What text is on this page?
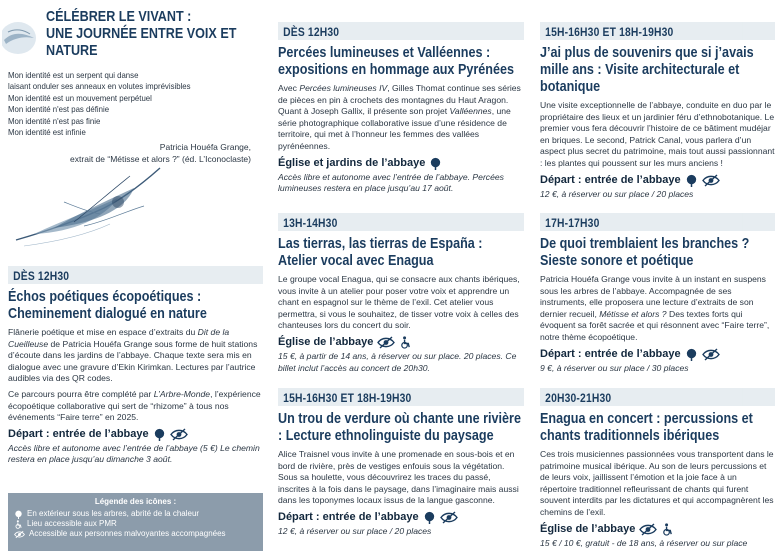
CÉLÉBRER LE VIVANT :
UNE JOURNÉE ENTRE VOIX ET NATURE
Mon identité est un serpent qui danse
laisant onduler ses anneaux en volutes imprévisibles
Mon identité est un mouvement perpétuel
Mon identité n'est pas définie
Mon identité n'est pas finie
Mon identité est infinie
Patricia Houéfa Grange,
extrait de “Métisse et alors ?” (éd. L’Iconoclaste)
DÈS 12H30
Échos poétiques écopoétiques : Cheminement dialogué en nature
Flânerie poétique et mise en espace d’extraits du Dit de la Cueilleuse de Patricia Houéfa Grange sous forme de huit stations d’écoute dans les jardins de l’abbaye. Chaque texte sera mis en dialogue avec une gravure d’Ekin Kirimkan. Lectures par l’autrice audibles via des QR codes.
Ce parcours pourra être complété par L’Arbre-Monde, l’expérience écopoétique collaborative qui sert de “rhizome” à tous nos événements “Faire terre” en 2025.
Départ : entrée de l’abbaye
Accès libre et autonome avec l’entrée de l’abbaye (5 €) Le chemin restera en place jusqu’au dimanche 3 août.
Légende des icônes :
En extérieur sous les arbres, abrité de la chaleur
Lieu accessible aux PMR
Accessible aux personnes malvoyantes accompagnées
DÈS 12H30
Percées lumineuses et Valléennes : expositions en hommage aux Pyrénées
Avec Percées lumineuses IV, Gilles Thomat continue ses séries de pièces en pin à crochets des montagnes du Haut Aragon. Quant à Joseph Gallix, il présente son projet Valléennes, une série photographique collaborative issue d’une résidence de territoire, qui met à l’honneur les femmes des vallées pyrénéennes.
Église et jardins de l’abbaye
Accès libre et autonome avec l’entrée de l’abbaye. Percées lumineuses restera en place jusqu’au 17 août.
13H-14H30
Las tierras, las tierras de España : Atelier vocal avec Enagua
Le groupe vocal Enagua, qui se consacre aux chants ibériques, vous invite à un atelier pour poser votre voix et apprendre un chant en espagnol sur le thème de l’exil. Cet atelier vous permettra, si vous le souhaitez, de tisser votre voix à celles des chanteuses lors du concert du soir.
Église de l’abbaye
15 €, à partir de 14 ans, à réserver ou sur place. 20 places. Ce billet inclut l’accès au concert de 20h30.
15H-16H30 ET 18H-19H30
Un trou de verdure où chante une rivière : Lecture ethnolinguiste du paysage
Alice Traisnel vous invite à une promenade en sous-bois et en bord de rivière, près de vestiges enfouis sous la végétation. Sous sa houlette, vous découvrirez les traces du passé, inscrites à la fois dans le paysage, dans l’imaginaire mais aussi dans les toponymes locaux issus de la langue gasconne.
Départ : entrée de l’abbaye
12 €, à réserver ou sur place / 20 places
15H-16H30 ET 18H-19H30
J’ai plus de souvenirs que si j’avais mille ans : Visite architecturale et botanique
Une visite exceptionnelle de l’abbaye, conduite en duo par le propriétaire des lieux et un jardinier féru d’ethnobotanique. Le premier vous fera découvrir l’histoire de ce bâtiment mudéjar en briques. Le second, Patrick Canal, vous parlera d’un aspect plus secret du patrimoine, mais tout aussi passionnant : les plantes qui poussent sur les murs anciens !
Départ : entrée de l’abbaye
12 €, à réserver ou sur place / 20 places
17H-17H30
De quoi tremblaient les branches ? Sieste sonore et poétique
Patricia Houéfa Grange vous invite à un instant en suspens sous les arbres de l’abbaye. Accompagnée de ses instruments, elle proposera une lecture d’extraits de son dernier recueil, Métisse et alors ? Des textes forts qui évoquent sa forêt sacrée et qui résonnent avec “Faire terre”, notre thème écopoétique.
Départ : entrée de l’abbaye
9 €, à réserver ou sur place / 30 places
20H30-21H30
Enagua en concert : percussions et chants traditionnels ibériques
Ces trois musiciennes passionnées vous transportent dans le patrimoine musical ibérique. Au son de leurs percussions et de leurs voix, jaillissent l’émotion et la joie face à un répertoire traditionnel refleurissant de chants qui furent souvent interdits par les dictatures et qui accompagnèrent les chemins de l’exil.
Église de l’abbaye
15 € / 10 €, gratuit - de 18 ans, à réserver ou sur place
